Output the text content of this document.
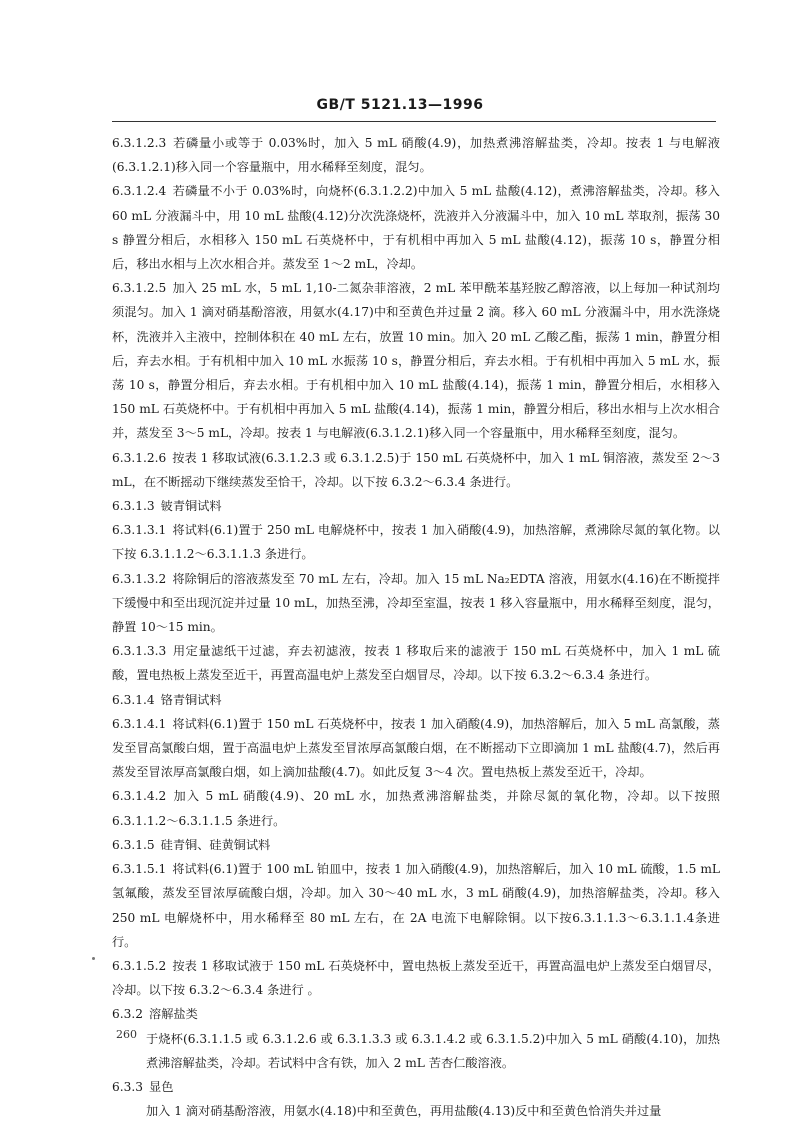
GB/T 5121.13—1996

6.3.1.2.3 若磷量小或等于 0.03%时，加入 5 mL 硝酸(4.9)，加热煮沸溶解盐类，冷却。按表 1 与电解液(6.3.1.2.1)移入同一个容量瓶中，用水稀释至刻度，混匀。

6.3.1.2.4 若磷量不小于 0.03%时，向烧杯(6.3.1.2.2)中加入 5 mL 盐酸(4.12)，煮沸溶解盐类，冷却。移入 60 mL 分液漏斗中，用 10 mL 盐酸(4.12)分次洗涤烧杯，洗液并入分液漏斗中，加入 10 mL 萃取剂，振荡 30 s 静置分相后，水相移入 150 mL 石英烧杯中，于有机相中再加入 5 mL 盐酸(4.12)，振荡 10 s，静置分相后，移出水相与上次水相合并。蒸发至 1～2 mL，冷却。

6.3.1.2.5 加入 25 mL 水，5 mL 1,10-二氮杂菲溶液，2 mL 苯甲酰苯基羟胺乙醇溶液，以上每加一种试剂均须混匀。加入 1 滴对硝基酚溶液，用氨水(4.17)中和至黄色并过量 2 滴。移入 60 mL 分液漏斗中，用水洗涤烧杯，洗液并入主液中，控制体积在 40 mL 左右，放置 10 min。加入 20 mL 乙酸乙酯，振荡 1 min，静置分相后，弃去水相。于有机相中加入 10 mL 水振荡 10 s，静置分相后，弃去水相。于有机相中再加入 5 mL 水，振荡 10 s，静置分相后，弃去水相。于有机相中加入 10 mL 盐酸(4.14)，振荡 1 min，静置分相后，水相移入 150 mL 石英烧杯中。于有机相中再加入 5 mL 盐酸(4.14)，振荡 1 min，静置分相后，移出水相与上次水相合并，蒸发至 3～5 mL，冷却。按表 1 与电解液(6.3.1.2.1)移入同一个容量瓶中，用水稀释至刻度，混匀。

6.3.1.2.6 按表 1 移取试液(6.3.1.2.3 或 6.3.1.2.5)于 150 mL 石英烧杯中，加入 1 mL 铜溶液，蒸发至 2～3 mL，在不断摇动下继续蒸发至恰干，冷却。以下按 6.3.2～6.3.4 条进行。

6.3.1.3 铍青铜试料

6.3.1.3.1 将试料(6.1)置于 250 mL 电解烧杯中，按表 1 加入硝酸(4.9)，加热溶解，煮沸除尽氮的氧化物。以下按 6.3.1.1.2～6.3.1.1.3 条进行。

6.3.1.3.2 将除铜后的溶液蒸发至 70 mL 左右，冷却。加入 15 mL Na₂EDTA 溶液，用氨水(4.16)在不断搅拌下缓慢中和至出现沉淀并过量 10 mL，加热至沸，冷却至室温，按表 1 移入容量瓶中，用水稀释至刻度，混匀，静置 10～15 min。

6.3.1.3.3 用定量滤纸干过滤，弃去初滤液，按表 1 移取后来的滤液于 150 mL 石英烧杯中，加入 1 mL 硫酸，置电热板上蒸发至近干，再置高温电炉上蒸发至白烟冒尽，冷却。以下按 6.3.2～6.3.4 条进行。

6.3.1.4 铬青铜试料

6.3.1.4.1 将试料(6.1)置于 150 mL 石英烧杯中，按表 1 加入硝酸(4.9)，加热溶解后，加入 5 mL 高氯酸，蒸发至冒高氯酸白烟，置于高温电炉上蒸发至冒浓厚高氯酸白烟，在不断摇动下立即滴加 1 mL 盐酸(4.7)，然后再蒸发至冒浓厚高氯酸白烟，如上滴加盐酸(4.7)。如此反复 3～4 次。置电热板上蒸发至近干，冷却。

6.3.1.4.2 加入 5 mL 硝酸(4.9)、20 mL 水，加热煮沸溶解盐类，并除尽氮的氧化物，冷却。以下按照 6.3.1.1.2～6.3.1.1.5 条进行。

6.3.1.5 硅青铜、硅黄铜试料

6.3.1.5.1 将试料(6.1)置于 100 mL 铂皿中，按表 1 加入硝酸(4.9)，加热溶解后，加入 10 mL 硫酸，1.5 mL 氢氟酸，蒸发至冒浓厚硫酸白烟，冷却。加入 30～40 mL 水，3 mL 硝酸(4.9)，加热溶解盐类，冷却。移入 250 mL 电解烧杯中，用水稀释至 80 mL 左右，在 2A 电流下电解除铜。以下按6.3.1.1.3～6.3.1.1.4条进行。

6.3.1.5.2 按表 1 移取试液于 150 mL 石英烧杯中，置电热板上蒸发至近干，再置高温电炉上蒸发至白烟冒尽，冷却。以下按 6.3.2～6.3.4 条进行 。

6.3.2 溶解盐类

于烧杯(6.3.1.1.5 或 6.3.1.2.6 或 6.3.1.3.3 或 6.3.1.4.2 或 6.3.1.5.2)中加入 5 mL 硝酸(4.10)，加热煮沸溶解盐类，冷却。若试料中含有铁，加入 2 mL 苦杏仁酸溶液。

6.3.3 显色

加入 1 滴对硝基酚溶液，用氨水(4.18)中和至黄色，再用盐酸(4.13)反中和至黄色恰消失并过量

260
